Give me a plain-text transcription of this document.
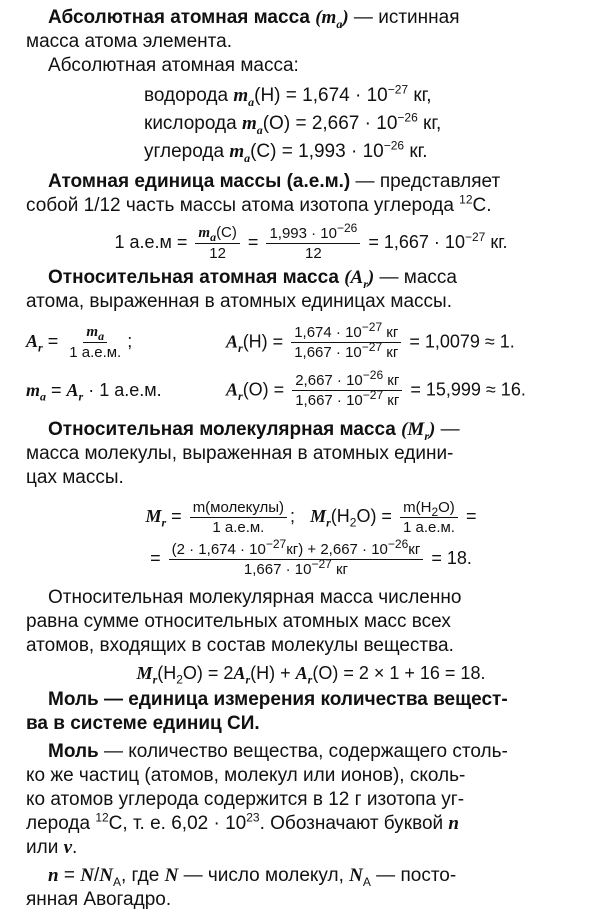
Абсолютная атомная масса $(m_a)$ — истинная

масса атома элемента.

Абсолютная атомная масса:

водорода $m_a(H) = 1,674 \cdot 10^{-27}$ кг,

кислорода $m_a(O) = 2,667 \cdot 10^{-26}$ кг,

углерода $m_a(C) = 1,993 \cdot 10^{-26}$ кг.

Атомная единица массы (а.е.м.) — представляет

собой 1/12 часть массы атома изотопа углерода $^{12}$C.

1 $а.е.м = \frac{m_a(C)}{12} = \frac{1,993 \cdot 10^{-26}}{12} = 1,667 \cdot 10^{-27}$ кг.

Относительная атомная масса $(A_r)$ — масса

атома, выраженная в атомных единицах массы.

$A_r = \frac{m_a}{1 а.е.м.}$ ;	$A_r(H) = \frac{1,674 \cdot 10^{-27} кг}{1,667 \cdot 10^{-27} кг} = 1,0079 \approx 1$.
$m_a = A_r \cdot 1$ а.е.м.	$A_r(O) = \frac{2,667 \cdot 10^{-26} кг}{1,667 \cdot 10^{-27} кг} = 15,999 \approx 16$.

Относительная молекулярная масса $(M_r)$ —

масса молекулы, выраженная в атомных едини-

цах массы.

$M_r = \frac{\text{m(молекулы)}}{1 а.е.м.}$ ; $M_r(H_2O) = \frac{m(H_2O)}{1 а.е.м.}$ =
= $\frac{(2 \cdot 1,674 \cdot 10^{-27}кг) + 2,667 \cdot 10^{-26}кг}{1,667 \cdot 10^{-27} кг} = 18$.

Относительная молекулярная масса численно

равна сумме относительных атомных масс всех

атомов, входящих в состав молекулы вещества.

$M_r(H_2O) = 2A_r(H) + A_r(O) = 2 \times 1 + 16 = 18$.

Моль — единица измерения количества вещест-

ва в системе единиц СИ.

Моль — количество вещества, содержащего столь-

ко же частиц (атомов, молекул или ионов), сколь-

ко атомов углерода содержится в 12 г изотопа уг-

лерода $^{12}$C, т. е. $6,02 \cdot 10^{23}$. Обозначают буквой n

или ν.

$n = N/N_A$, где N — число молекул, $N_A$ — посто-

янная Авогадро.
